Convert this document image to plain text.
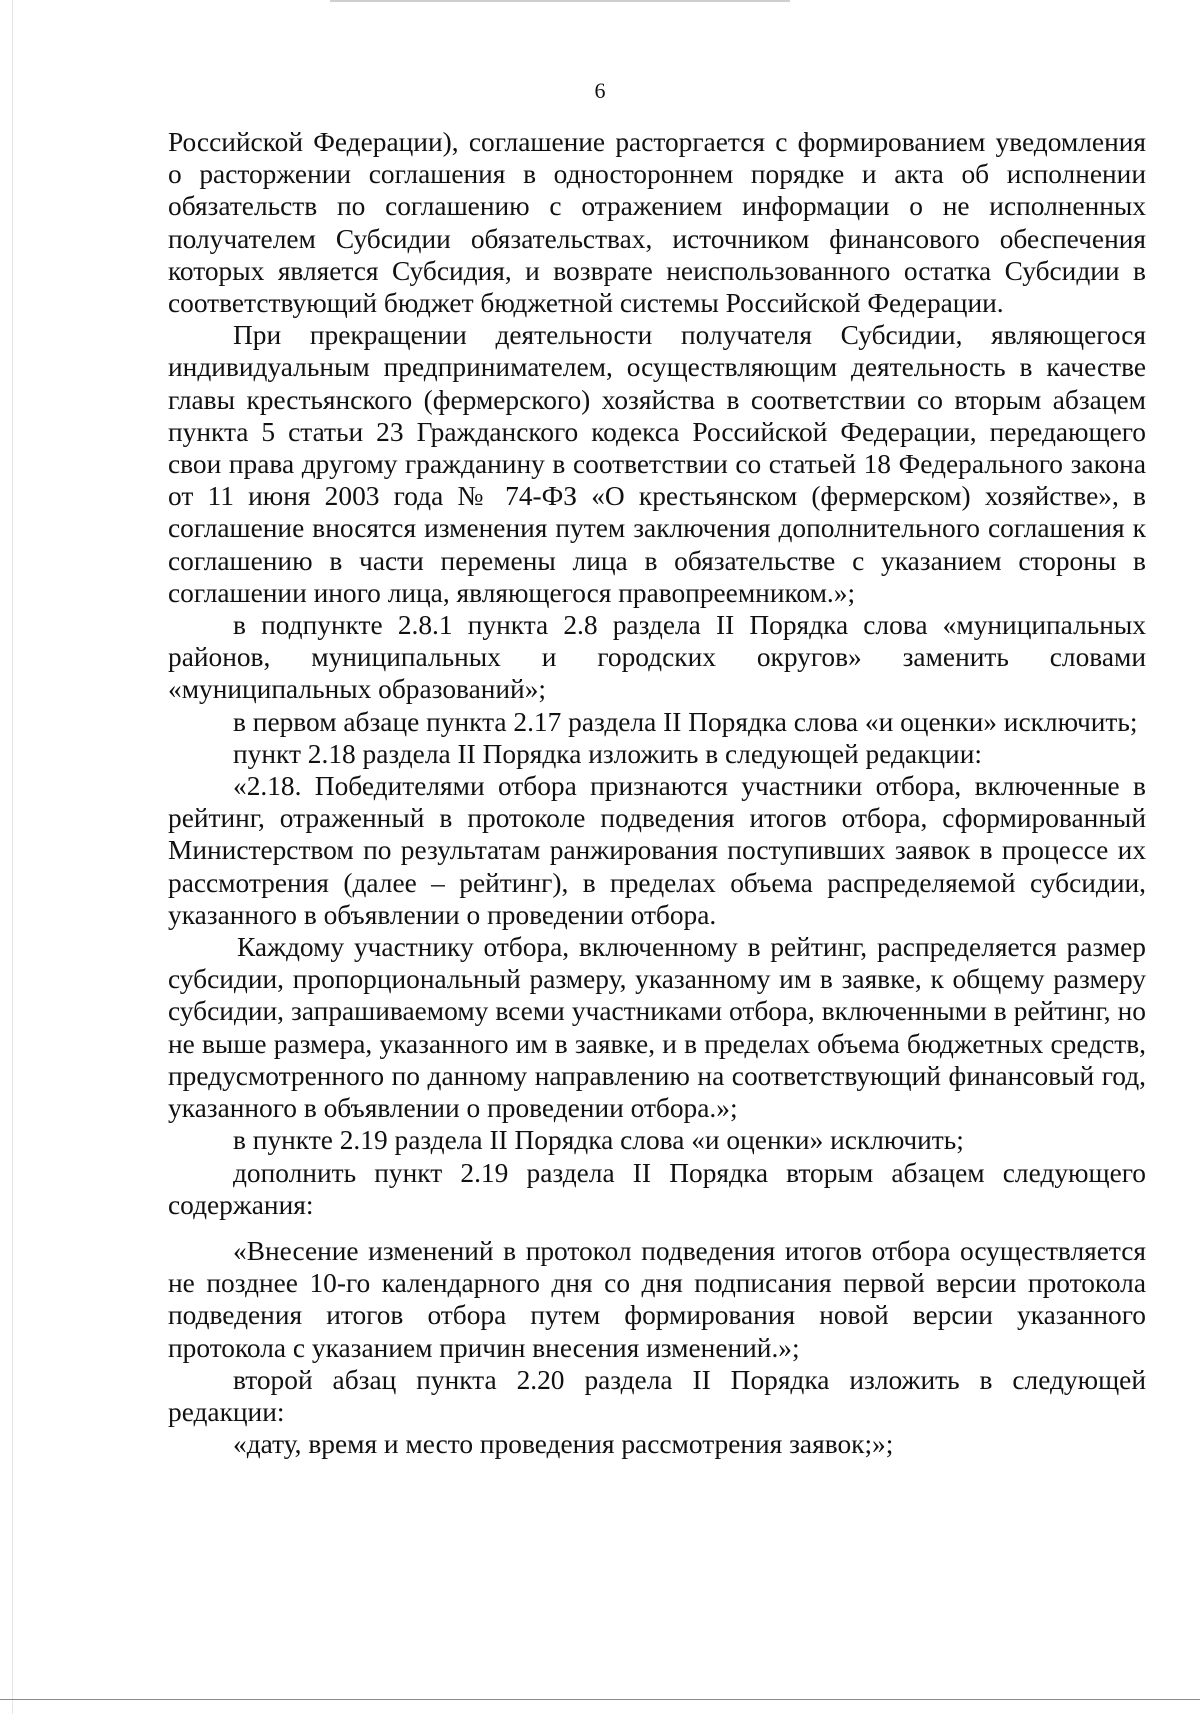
6

Российской Федерации), соглашение расторгается с формированием уведомления о расторжении соглашения в одностороннем порядке и акта об исполнении обязательств по соглашению с отражением информации о не исполненных получателем Субсидии обязательствах, источником финансового обеспечения которых является Субсидия, и возврате неиспользованного остатка Субсидии в соответствующий бюджет бюджетной системы Российской Федерации.

При прекращении деятельности получателя Субсидии, являющегося индивидуальным предпринимателем, осуществляющим деятельность в качестве главы крестьянского (фермерского) хозяйства в соответствии со вторым абзацем пункта 5 статьи 23 Гражданского кодекса Российской Федерации, передающего свои права другому гражданину в соответствии со статьей 18 Федерального закона от 11 июня 2003 года № 74-ФЗ «О крестьянском (фермерском) хозяйстве», в соглашение вносятся изменения путем заключения дополнительного соглашения к соглашению в части перемены лица в обязательстве с указанием стороны в соглашении иного лица, являющегося правопреемником.»;

в подпункте 2.8.1 пункта 2.8 раздела II Порядка слова «муниципальных районов, муниципальных и городских округов» заменить словами «муниципальных образований»;

в первом абзаце пункта 2.17 раздела II Порядка слова «и оценки» исключить;

пункт 2.18 раздела II Порядка изложить в следующей редакции:

«2.18. Победителями отбора признаются участники отбора, включенные в рейтинг, отраженный в протоколе подведения итогов отбора, сформированный Министерством по результатам ранжирования поступивших заявок в процессе их рассмотрения (далее – рейтинг), в пределах объема распределяемой субсидии, указанного в объявлении о проведении отбора.

Каждому участнику отбора, включенному в рейтинг, распределяется размер субсидии, пропорциональный размеру, указанному им в заявке, к общему размеру субсидии, запрашиваемому всеми участниками отбора, включенными в рейтинг, но не выше размера, указанного им в заявке, и в пределах объема бюджетных средств, предусмотренного по данному направлению на соответствующий финансовый год, указанного в объявлении о проведении отбора.»;

в пункте 2.19 раздела II Порядка слова «и оценки» исключить;

дополнить пункт 2.19 раздела II Порядка вторым абзацем следующего содержания:

«Внесение изменений в протокол подведения итогов отбора осуществляется не позднее 10-го календарного дня со дня подписания первой версии протокола подведения итогов отбора путем формирования новой версии указанного протокола с указанием причин внесения изменений.»;

второй абзац пункта 2.20 раздела II Порядка изложить в следующей редакции:

«дату, время и место проведения рассмотрения заявок;»;
